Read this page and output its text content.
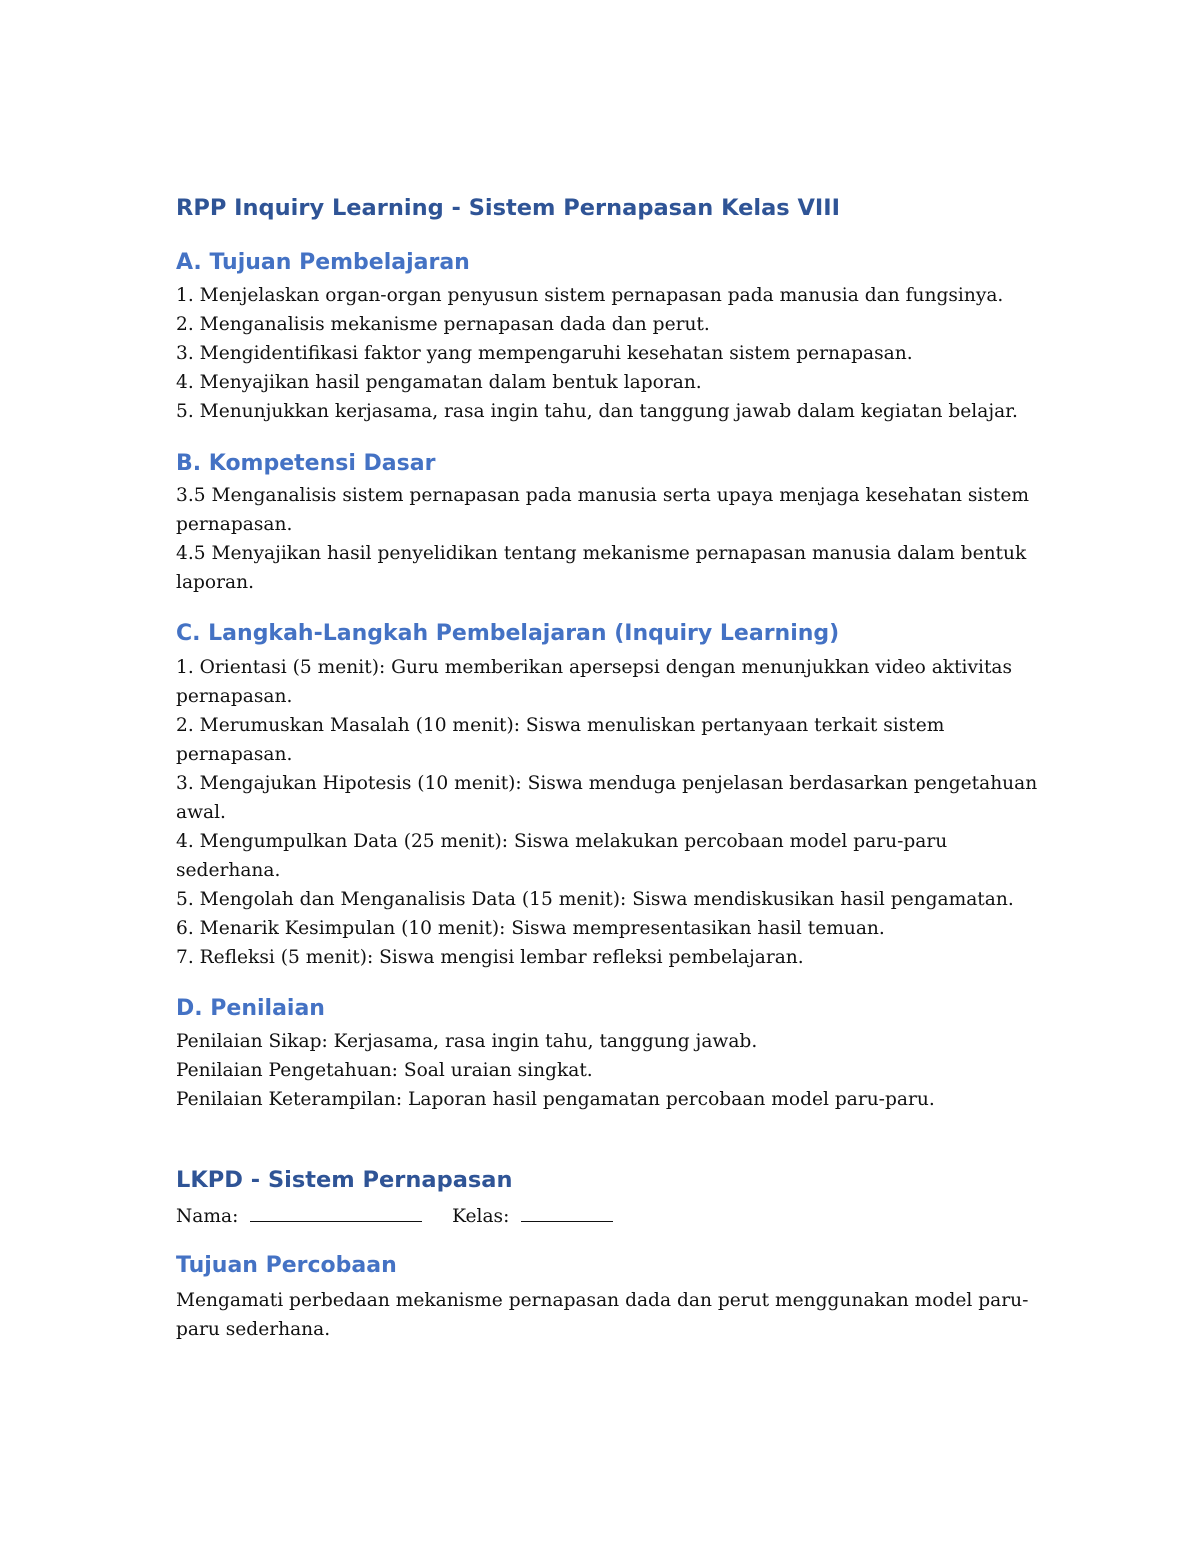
RPP Inquiry Learning - Sistem Pernapasan Kelas VIII
A. Tujuan Pembelajaran
1. Menjelaskan organ-organ penyusun sistem pernapasan pada manusia dan fungsinya.
2. Menganalisis mekanisme pernapasan dada dan perut.
3. Mengidentifikasi faktor yang mempengaruhi kesehatan sistem pernapasan.
4. Menyajikan hasil pengamatan dalam bentuk laporan.
5. Menunjukkan kerjasama, rasa ingin tahu, dan tanggung jawab dalam kegiatan belajar.
B. Kompetensi Dasar

3.5 Menganalisis sistem pernapasan pada manusia serta upaya menjaga kesehatan sistem

pernapasan.

4.5 Menyajikan hasil penyelidikan tentang mekanisme pernapasan manusia dalam bentuk

laporan.

C. Langkah-Langkah Pembelajaran (Inquiry Learning)

1. Orientasi (5 menit): Guru memberikan apersepsi dengan menunjukkan video aktivitas

pernapasan.

2. Merumuskan Masalah (10 menit): Siswa menuliskan pertanyaan terkait sistem

pernapasan.

3. Mengajukan Hipotesis (10 menit): Siswa menduga penjelasan berdasarkan pengetahuan

awal.

4. Mengumpulkan Data (25 menit): Siswa melakukan percobaan model paru-paru

sederhana.

5. Mengolah dan Menganalisis Data (15 menit): Siswa mendiskusikan hasil pengamatan.

6. Menarik Kesimpulan (10 menit): Siswa mempresentasikan hasil temuan.

7. Refleksi (5 menit): Siswa mengisi lembar refleksi pembelajaran.

D. Penilaian

Penilaian Sikap: Kerjasama, rasa ingin tahu, tanggung jawab.

Penilaian Pengetahuan: Soal uraian singkat.

Penilaian Keterampilan: Laporan hasil pengamatan percobaan model paru-paru.

LKPD - Sistem Pernapasan

Nama:	Kelas:

Tujuan Percobaan

Mengamati perbedaan mekanisme pernapasan dada dan perut menggunakan model paru-

paru sederhana.
